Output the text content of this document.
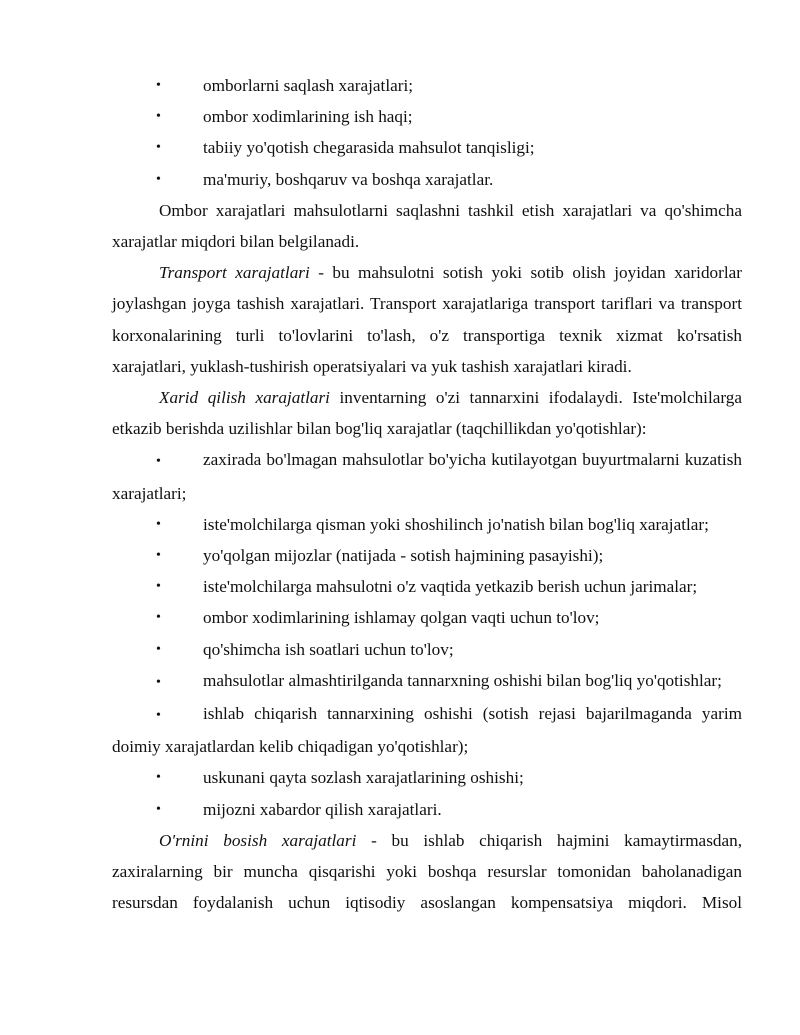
• omborlarni saqlash xarajatlari;
• ombor xodimlarining ish haqi;
• tabiiy yo'qotish chegarasida mahsulot tanqisligi;
• ma'muriy, boshqaruv va boshqa xarajatlar.
Ombor xarajatlari mahsulotlarni saqlashni tashkil etish xarajatlari va qo'shimcha xarajatlar miqdori bilan belgilanadi.
Transport xarajatlari - bu mahsulotni sotish yoki sotib olish joyidan xaridorlar joylashgan joyga tashish xarajatlari. Transport xarajatlariga transport tariflari va transport korxonalarining turli to'lovlarini to'lash, o'z transportiga texnik xizmat ko'rsatish xarajatlari, yuklash-tushirish operatsiyalari va yuk tashish xarajatlari kiradi.
Xarid qilish xarajatlari inventarning o'zi tannarxini ifodalaydi. Iste'molchilarga etkazib berishda uzilishlar bilan bog'liq xarajatlar (taqchillikdan yo'qotishlar):
• zaxirada bo'lmagan mahsulotlar bo'yicha kutilayotgan buyurtmalarni kuzatish xarajatlari;
• iste'molchilarga qisman yoki shoshilinch jo'natish bilan bog'liq xarajatlar;
• yo'qolgan mijozlar (natijada - sotish hajmining pasayishi);
• iste'molchilarga mahsulotni o'z vaqtida yetkazib berish uchun jarimalar;
• ombor xodimlarining ishlamay qolgan vaqti uchun to'lov;
• qo'shimcha ish soatlari uchun to'lov;
• mahsulotlar almashtirilganda tannarxning oshishi bilan bog'liq yo'qotishlar;
• ishlab chiqarish tannarxining oshishi (sotish rejasi bajarilmaganda yarim doimiy xarajatlardan kelib chiqadigan yo'qotishlar);
• uskunani qayta sozlash xarajatlarining oshishi;
• mijozni xabardor qilish xarajatlari.
O'rnini bosish xarajatlari - bu ishlab chiqarish hajmini kamaytirmasdan, zaxiralarning bir muncha qisqarishi yoki boshqa resurslar tomonidan baholanadigan resursdan foydalanish uchun iqtisodiy asoslangan kompensatsiya miqdori. Misol
